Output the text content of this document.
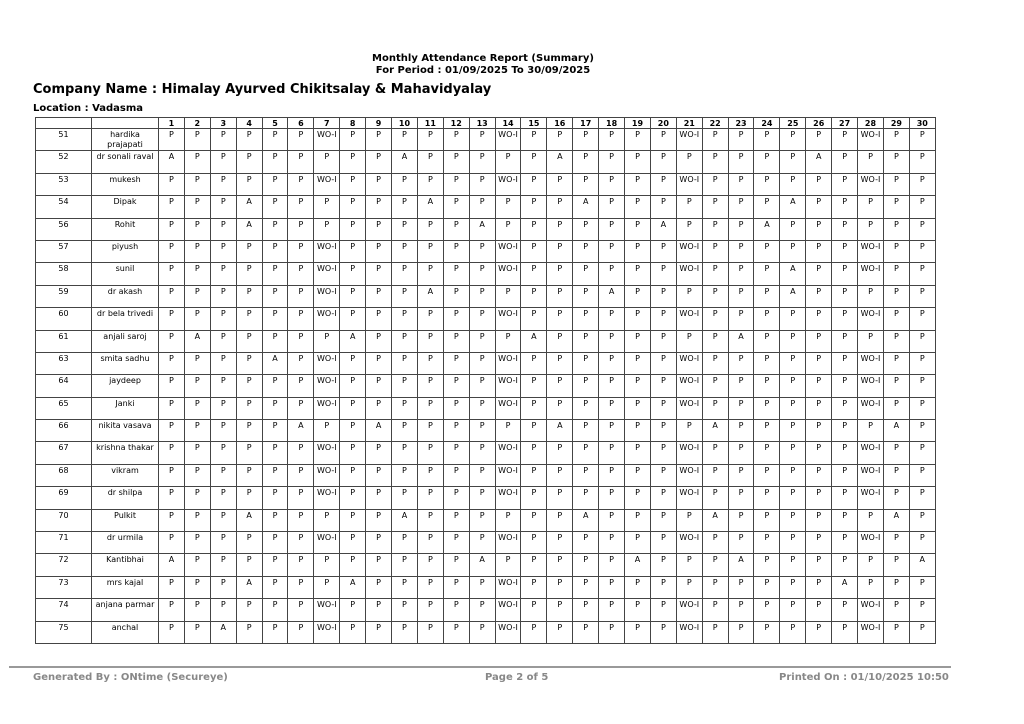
Monthly Attendance Report (Summary)
For Period : 01/09/2025 To 30/09/2025
Company Name : Himalay Ayurved Chikitsalay & Mahavidyalay
Location : Vadasma
		1	2	3	4	5	6	7	8	9	10	11	12	13	14	15	16	17	18	19	20	21	22	23	24	25	26	27	28	29	30
51	hardika prajapati	P	P	P	P	P	P	WO-I	P	P	P	P	P	P	WO-I	P	P	P	P	P	P	WO-I	P	P	P	P	P	P	WO-I	P	P
52	dr sonali raval	A	P	P	P	P	P	P	P	P	A	P	P	P	P	P	A	P	P	P	P	P	P	P	P	P	A	P	P	P	P
53	mukesh	P	P	P	P	P	P	WO-I	P	P	P	P	P	P	WO-I	P	P	P	P	P	P	WO-I	P	P	P	P	P	P	WO-I	P	P
54	Dipak	P	P	P	A	P	P	P	P	P	P	A	P	P	P	P	P	A	P	P	P	P	P	P	P	A	P	P	P	P	P
56	Rohit	P	P	P	A	P	P	P	P	P	P	P	P	A	P	P	P	P	P	P	A	P	P	P	A	P	P	P	P	P	P
57	piyush	P	P	P	P	P	P	WO-I	P	P	P	P	P	P	WO-I	P	P	P	P	P	P	WO-I	P	P	P	P	P	P	WO-I	P	P
58	sunil	P	P	P	P	P	P	WO-I	P	P	P	P	P	P	WO-I	P	P	P	P	P	P	WO-I	P	P	P	A	P	P	WO-I	P	P
59	dr akash	P	P	P	P	P	P	WO-I	P	P	P	A	P	P	P	P	P	P	A	P	P	P	P	P	P	A	P	P	P	P	P
60	dr bela trivedi	P	P	P	P	P	P	WO-I	P	P	P	P	P	P	WO-I	P	P	P	P	P	P	WO-I	P	P	P	P	P	P	WO-I	P	P
61	anjali saroj	P	A	P	P	P	P	P	A	P	P	P	P	P	P	A	P	P	P	P	P	P	P	A	P	P	P	P	P	P	P
63	smita sadhu	P	P	P	P	A	P	WO-I	P	P	P	P	P	P	WO-I	P	P	P	P	P	P	WO-I	P	P	P	P	P	P	WO-I	P	P
64	jaydeep	P	P	P	P	P	P	WO-I	P	P	P	P	P	P	WO-I	P	P	P	P	P	P	WO-I	P	P	P	P	P	P	WO-I	P	P
65	Janki	P	P	P	P	P	P	WO-I	P	P	P	P	P	P	WO-I	P	P	P	P	P	P	WO-I	P	P	P	P	P	P	WO-I	P	P
66	nikita vasava	P	P	P	P	P	A	P	P	A	P	P	P	P	P	P	A	P	P	P	P	P	A	P	P	P	P	P	P	A	P
67	krishna thakar	P	P	P	P	P	P	WO-I	P	P	P	P	P	P	WO-I	P	P	P	P	P	P	WO-I	P	P	P	P	P	P	WO-I	P	P
68	vikram	P	P	P	P	P	P	WO-I	P	P	P	P	P	P	WO-I	P	P	P	P	P	P	WO-I	P	P	P	P	P	P	WO-I	P	P
69	dr shilpa	P	P	P	P	P	P	WO-I	P	P	P	P	P	P	WO-I	P	P	P	P	P	P	WO-I	P	P	P	P	P	P	WO-I	P	P
70	Pulkit	P	P	P	A	P	P	P	P	P	A	P	P	P	P	P	P	A	P	P	P	P	A	P	P	P	P	P	P	A	P
71	dr urmila	P	P	P	P	P	P	WO-I	P	P	P	P	P	P	WO-I	P	P	P	P	P	P	WO-I	P	P	P	P	P	P	WO-I	P	P
72	Kantibhai	A	P	P	P	P	P	P	P	P	P	P	P	A	P	P	P	P	P	A	P	P	P	A	P	P	P	P	P	P	A
73	mrs kajal	P	P	P	A	P	P	P	A	P	P	P	P	P	WO-I	P	P	P	P	P	P	P	P	P	P	P	P	A	P	P	P
74	anjana parmar	P	P	P	P	P	P	WO-I	P	P	P	P	P	P	WO-I	P	P	P	P	P	P	WO-I	P	P	P	P	P	P	WO-I	P	P
75	anchal	P	P	A	P	P	P	WO-I	P	P	P	P	P	P	WO-I	P	P	P	P	P	P	WO-I	P	P	P	P	P	P	WO-I	P	P
Generated By : ONtime (Secureye)	Page 2 of 5	Printed On : 01/10/2025 10:50
